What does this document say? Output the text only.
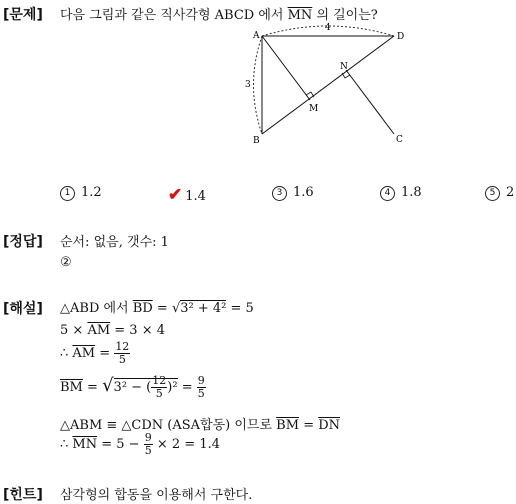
[문제] 다음 그림과 같은 직사각형 ABCD 에서 $\overline{MN}$ 의 길이는?
A	D
N
M
B	C
4
3
1 1.2	✔ 1.4	3 1.6	4 1.8	5 2
[정답] 순서: 없음, 갯수: 1
②
[해설] △ABD 에서 $\overline{BD} = √3^2 + 4^2 = 5$
$5 \times \overline{AM} = 3 \times 4$
∴ $\overline{AM} = \frac{12}{5}$
$\overline{BM} = √3^2$ − ( $\frac{12}{5} )^2 = \frac{9}{5}$
△ABM ≡ △CDN (ASA합동) 이므로 $\overline{BM} = \overline{DN}$
∴ $\overline{MN} = 5 - \frac{9}{5} \times 2 = 1.4$
[힌트] 삼각형의 합동을 이용해서 구한다.
